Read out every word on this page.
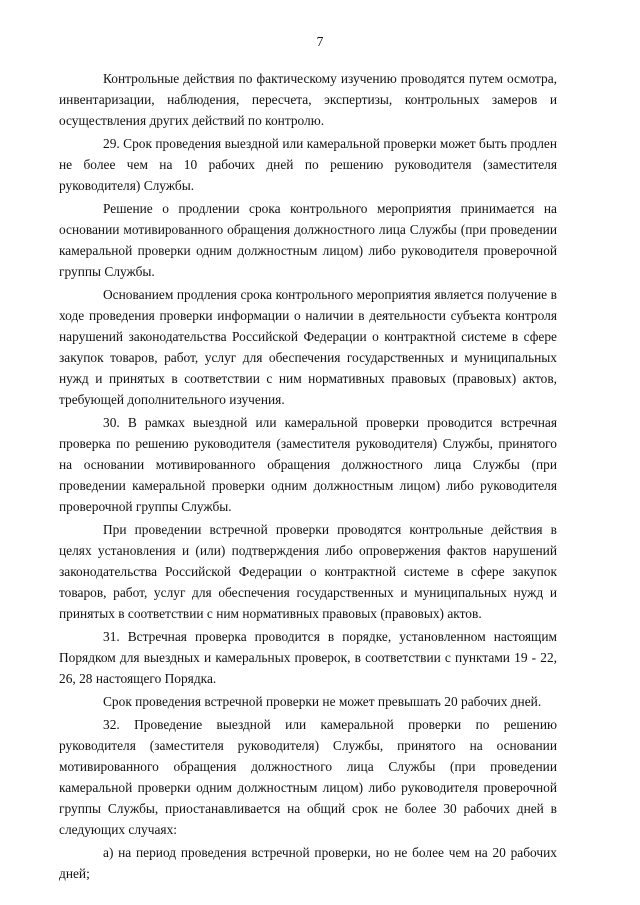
7

Контрольные действия по фактическому изучению проводятся путем осмотра, инвентаризации, наблюдения, пересчета, экспертизы, контрольных замеров и осуществления других действий по контролю.

29. Срок проведения выездной или камеральной проверки может быть продлен не более чем на 10 рабочих дней по решению руководителя (заместителя руководителя) Службы.

Решение о продлении срока контрольного мероприятия принимается на основании мотивированного обращения должностного лица Службы (при проведении камеральной проверки одним должностным лицом) либо руководителя проверочной группы Службы.

Основанием продления срока контрольного мероприятия является получение в ходе проведения проверки информации о наличии в деятельности субъекта контроля нарушений законодательства Российской Федерации о контрактной системе в сфере закупок товаров, работ, услуг для обеспечения государственных и муниципальных нужд и принятых в соответствии с ним нормативных правовых (правовых) актов, требующей дополнительного изучения.

30. В рамках выездной или камеральной проверки проводится встречная проверка по решению руководителя (заместителя руководителя) Службы, принятого на основании мотивированного обращения должностного лица Службы (при проведении камеральной проверки одним должностным лицом) либо руководителя проверочной группы Службы.

При проведении встречной проверки проводятся контрольные действия в целях установления и (или) подтверждения либо опровержения фактов нарушений законодательства Российской Федерации о контрактной системе в сфере закупок товаров, работ, услуг для обеспечения государственных и муниципальных нужд и принятых в соответствии с ним нормативных правовых (правовых) актов.

31. Встречная проверка проводится в порядке, установленном настоящим Порядком для выездных и камеральных проверок, в соответствии с пунктами 19 - 22, 26, 28 настоящего Порядка.

Срок проведения встречной проверки не может превышать 20 рабочих дней.

32. Проведение выездной или камеральной проверки по решению руководителя (заместителя руководителя) Службы, принятого на основании мотивированного обращения должностного лица Службы (при проведении камеральной проверки одним должностным лицом) либо руководителя проверочной группы Службы, приостанавливается на общий срок не более 30 рабочих дней в следующих случаях:

а) на период проведения встречной проверки, но не более чем на 20 рабочих дней;
